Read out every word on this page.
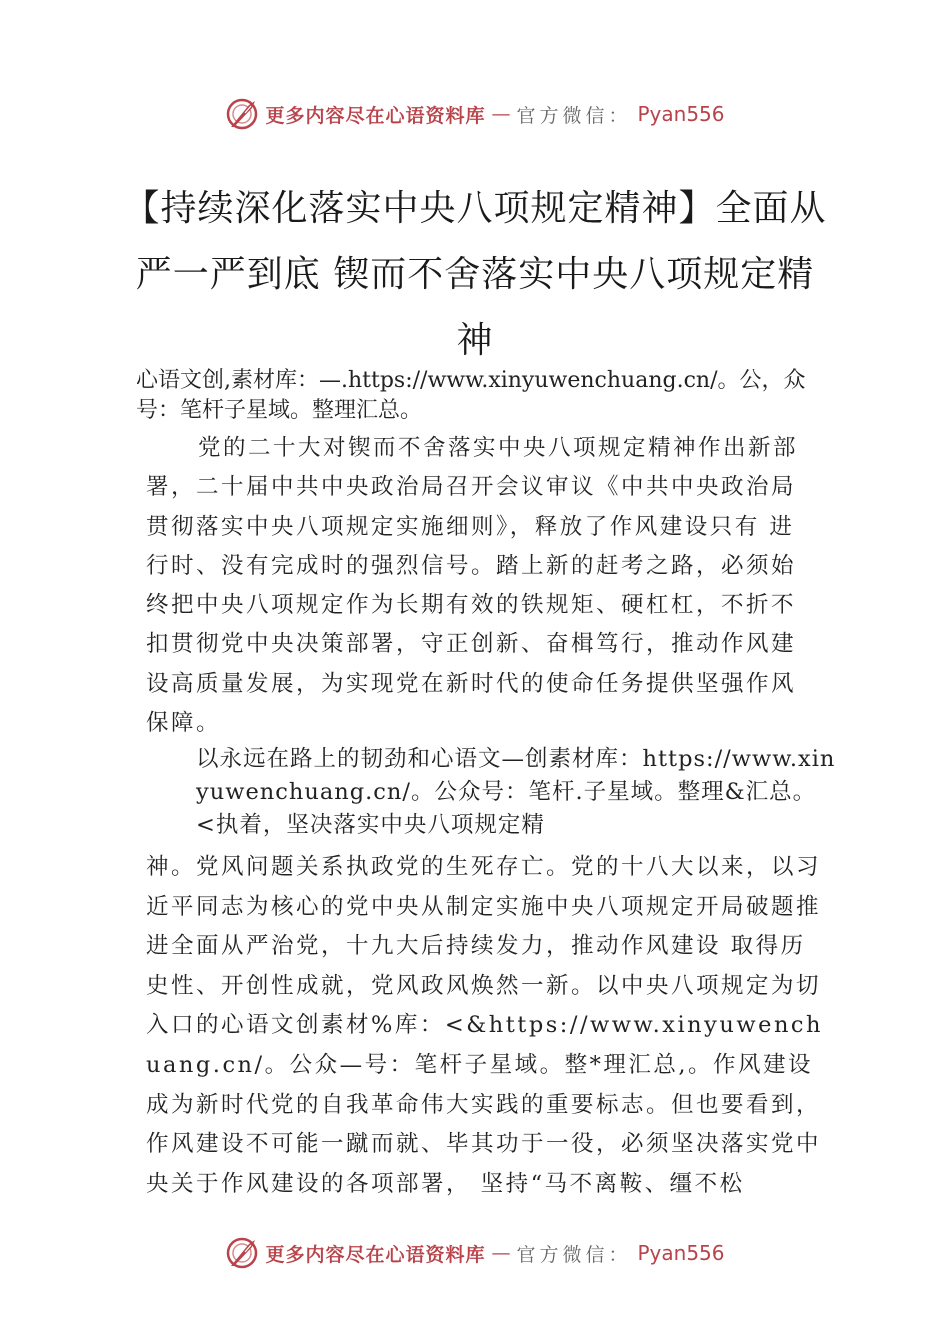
更多内容尽在心语资料库 — 官方微信： Pyan556
【持续深化落实中央八项规定精神】全面从严一严到底 锲而不舍落实中央八项规定精神

心语文创,素材库：—.https://www.xinyuwenchuang.cn/。公，众号：笔杆子星域。整理汇总。

党的二十大对锲而不舍落实中央八项规定精神作出新部署，二十届中共中央政治局召开会议审议《中共中央政治局贯彻落实中央八项规定实施细则》，释放了作风建设只有 进行时、没有完成时的强烈信号。踏上新的赶考之路，必须始终把中央八项规定作为长期有效的铁规矩、硬杠杠，不折不扣贯彻党中央决策部署，守正创新、奋楫笃行，推动作风建设高质量发展，为实现党在新时代的使命任务提供坚强作风保障。

以永远在路上的韧劲和心语文—创素材库：https://www.xinyuwenchuang.cn/。公众号：笔杆.子星域。整理&汇总。<执着，坚决落实中央八项规定精

神。党风问题关系执政党的生死存亡。党的十八大以来，以习近平同志为核心的党中央从制定实施中央八项规定开局破题推进全面从严治党，十九大后持续发力，推动作风建设 取得历史性、开创性成就，党风政风焕然一新。以中央八项规定为切入口的心语文创素材%库：<&https://www.xinyuwenchuang.cn/。公众—号：笔杆子星域。整*理汇总,。作风建设成为新时代党的自我革命伟大实践的重要标志。但也要看到，作风建设不可能一蹴而就、毕其功于一役，必须坚决落实党中央关于作风建设的各项部署， 坚持“马不离鞍、缰不松

更多内容尽在心语资料库 — 官方微信： Pyan556
